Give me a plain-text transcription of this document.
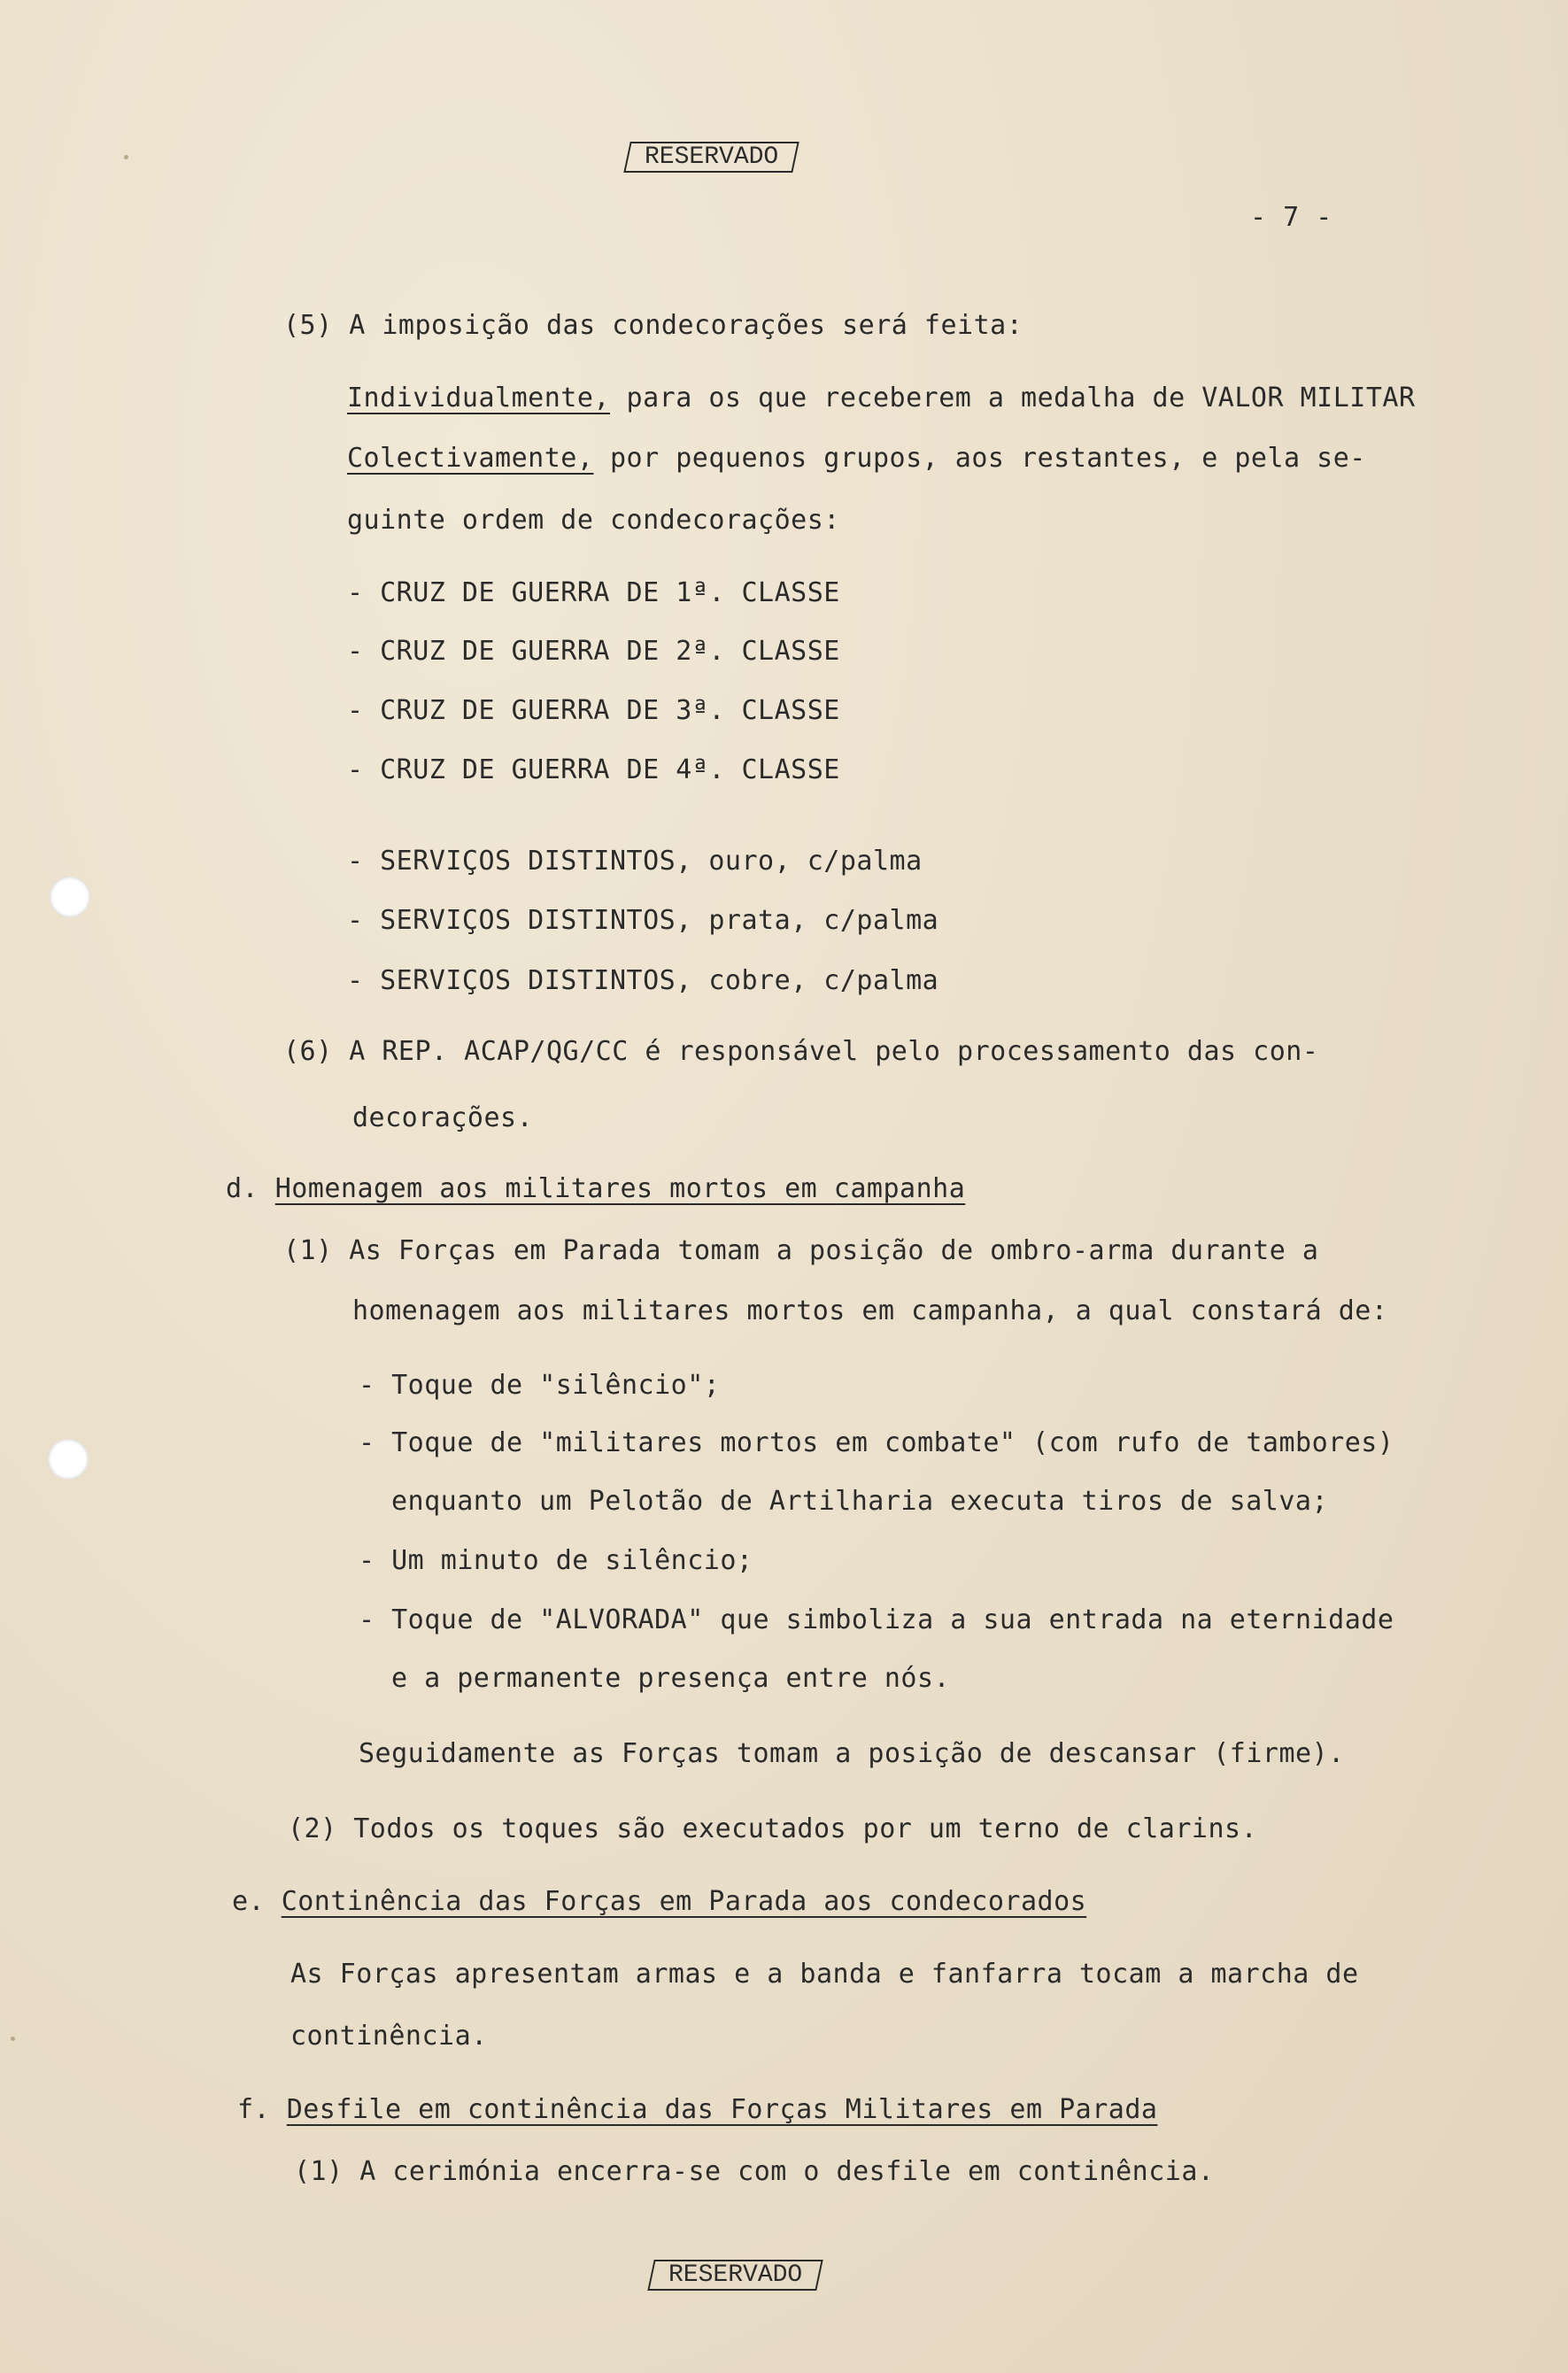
RESERVADO
- 7 -
(5) A imposição das condecorações será feita:
Individualmente, para os que receberem a medalha de VALOR MILITAR
Colectivamente, por pequenos grupos, aos restantes, e pela se-
guinte ordem de condecorações:
- CRUZ DE GUERRA DE 1ª. CLASSE
- CRUZ DE GUERRA DE 2ª. CLASSE
- CRUZ DE GUERRA DE 3ª. CLASSE
- CRUZ DE GUERRA DE 4ª. CLASSE
- SERVIÇOS DISTINTOS, ouro, c/palma
- SERVIÇOS DISTINTOS, prata, c/palma
- SERVIÇOS DISTINTOS, cobre, c/palma
(6) A REP. ACAP/QG/CC é responsável pelo processamento das con-
decorações.
d. Homenagem aos militares mortos em campanha
(1) As Forças em Parada tomam a posição de ombro-arma durante a
homenagem aos militares mortos em campanha, a qual constará de:
- Toque de "silêncio";
- Toque de "militares mortos em combate" (com rufo de tambores)
enquanto um Pelotão de Artilharia executa tiros de salva;
- Um minuto de silêncio;
- Toque de "ALVORADA" que simboliza a sua entrada na eternidade
e a permanente presença entre nós.
Seguidamente as Forças tomam a posição de descansar (firme).
(2) Todos os toques são executados por um terno de clarins.
e. Continência das Forças em Parada aos condecorados
As Forças apresentam armas e a banda e fanfarra tocam a marcha de
continência.
f. Desfile em continência das Forças Militares em Parada
(1) A cerimónia encerra-se com o desfile em continência.
RESERVADO
